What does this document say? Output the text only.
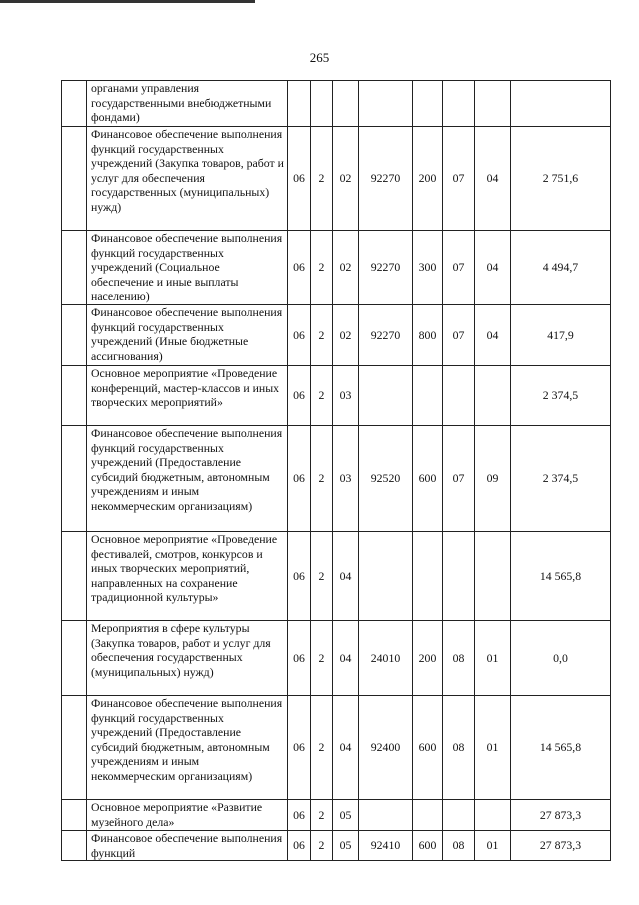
265
	органами управления государственными внебюджетными фондами)								
	Финансовое обеспечение выполнения функций государственных учреждений (Закупка товаров, работ и услуг для обеспечения государственных (муниципальных) нужд)	06	2	02	92270	200	07	04	2 751,6
	Финансовое обеспечение выполнения функций государственных учреждений (Социальное обеспечение и иные выплаты населению)	06	2	02	92270	300	07	04	4 494,7
	Финансовое обеспечение выполнения функций государственных учреждений (Иные бюджетные ассигнования)	06	2	02	92270	800	07	04	417,9
	Основное мероприятие «Проведение конференций, мастер-классов и иных творческих мероприятий»	06	2	03					2 374,5
	Финансовое обеспечение выполнения функций государственных учреждений (Предоставление субсидий бюджетным, автономным учреждениям и иным некоммерческим организациям)	06	2	03	92520	600	07	09	2 374,5
	Основное мероприятие «Проведение фестивалей, смотров, конкурсов и иных творческих мероприятий, направленных на сохранение традиционной культуры»	06	2	04					14 565,8
	Мероприятия в сфере культуры (Закупка товаров, работ и услуг для обеспечения государственных (муниципальных) нужд)	06	2	04	24010	200	08	01	0,0
	Финансовое обеспечение выполнения функций государственных учреждений (Предоставление субсидий бюджетным, автономным учреждениям и иным некоммерческим организациям)	06	2	04	92400	600	08	01	14 565,8
	Основное мероприятие «Развитие музейного дела»	06	2	05					27 873,3
	Финансовое обеспечение выполнения функций	06	2	05	92410	600	08	01	27 873,3
